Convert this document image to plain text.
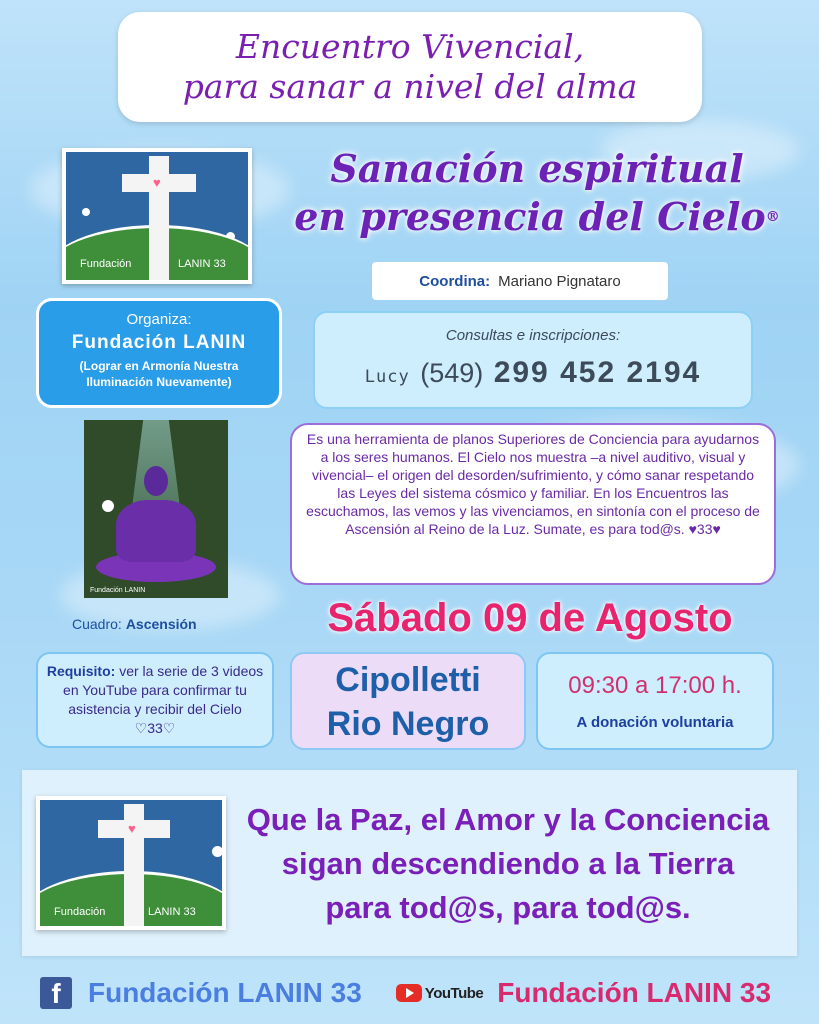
Encuentro Vivencial,
para sanar a nivel del alma
♥
Fundación	LANIN 33
Sanación espiritual
en presencia del Cielo®
Coordina: Mariano Pignataro
Organiza:
Fundación LANIN
(Lograr en Armonía Nuestra
Iluminación Nuevamente)
Consultas e inscripciones:
Lucy (549) 299 452 2194
Fundación LANIN
Es una herramienta de planos Superiores de Conciencia para ayudarnos a los seres humanos. El Cielo nos muestra –a nivel auditivo, visual y vivencial– el origen del desorden/sufrimiento, y cómo sanar respetando las Leyes del sistema cósmico y familiar. En los Encuentros las escuchamos, las vemos y las vivenciamos, en sintonía con el proceso de Ascensión al Reino de la Luz. Sumate, es para tod@s. ♥33♥
Cuadro: Ascensión	Sábado 09 de Agosto
Requisito: ver la serie de 3 videos en YouTube para confirmar tu asistencia y recibir del Cielo ♡33♡
Cipolletti
Rio Negro
09:30 a 17:00 h.
A donación voluntaria
♥
Fundación	LANIN 33
Que la Paz, el Amor y la Conciencia
sigan descendiendo a la Tierra
para tod@s, para tod@s.
f Fundación LANIN 33	YouTube Fundación LANIN 33
